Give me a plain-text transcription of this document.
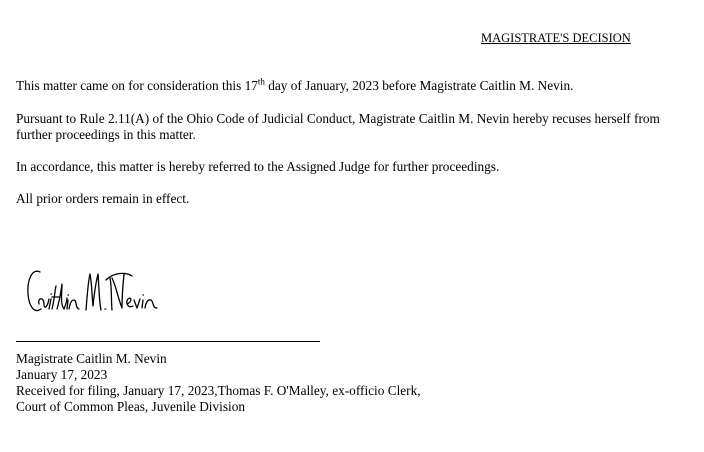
MAGISTRATE'S DECISION

This matter came on for consideration this 17th day of January, 2023 before Magistrate Caitlin M. Nevin.

Pursuant to Rule 2.11(A) of the Ohio Code of Judicial Conduct, Magistrate Caitlin M. Nevin hereby recuses herself from further proceedings in this matter.

In accordance, this matter is hereby referred to the Assigned Judge for further proceedings.

All prior orders remain in effect.

Caitlin M. Nevin
Magistrate Caitlin M. Nevin
January 17, 2023
Received for filing, January 17, 2023,Thomas F. O'Malley, ex-officio Clerk,
Court of Common Pleas, Juvenile Division
